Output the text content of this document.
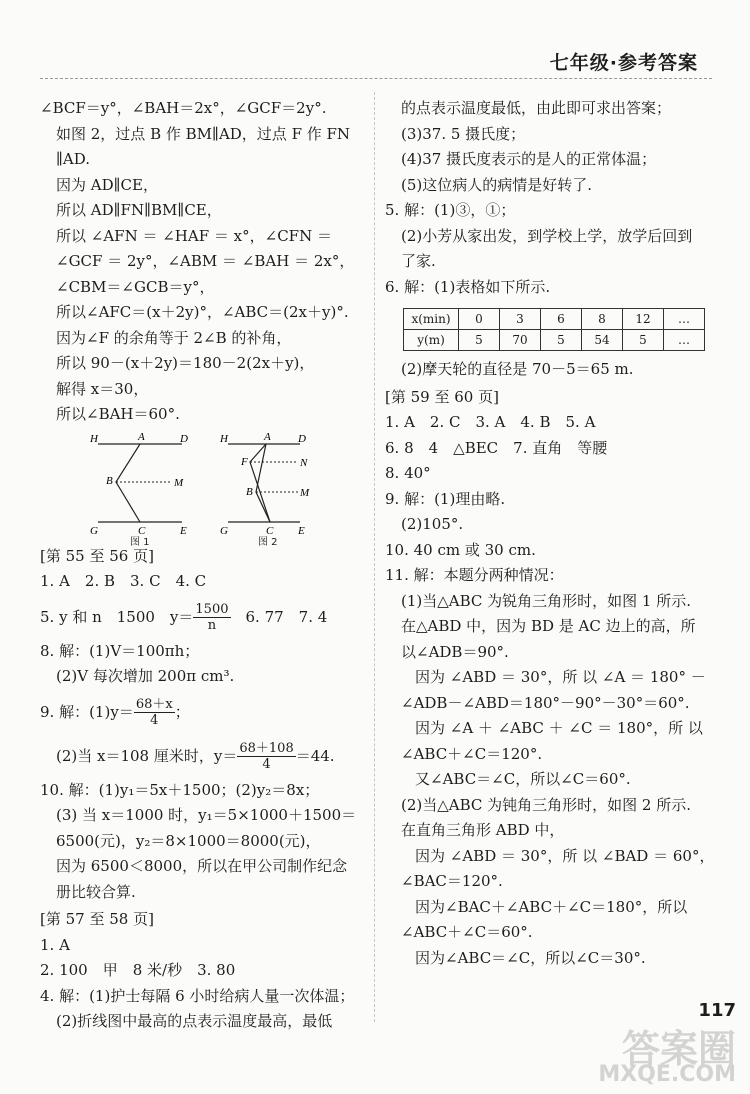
七年级·参考答案
∠BCF＝y°，∠BAH＝2x°，∠GCF＝2y°.
如图 2，过点 B 作 BM∥AD，过点 F 作 FN
∥AD.
因为 AD∥CE，
所以 AD∥FN∥BM∥CE，
所以 ∠AFN ＝ ∠HAF ＝ x°，∠CFN ＝
∠GCF ＝ 2y°，∠ABM ＝ ∠BAH ＝ 2x°，
∠CBM＝∠GCB＝y°，
所以∠AFC＝(x＋2y)°，∠ABC＝(2x＋y)°.
因为∠F 的余角等于 2∠B 的补角，
所以 90－(x＋2y)＝180－2(2x＋y)，
解得 x＝30，
所以∠BAH＝60°.
H	A	D
B	M
G	C	E
H	A D
F	N
B	M
G	C E
图 1	图 2
[第 55 至 56 页]
1. A　2. B　3. C　4. C
5. y 和 n　1500　$y= \frac{1500}{n}$ 　6. 77　7. 4
8. 解：(1)V＝100πh；
(2)V 每次增加 200π cm³.
9. 解：$(1)y= \frac{68+x}{4}$ ；
(2)当 x＝108 厘米时，$y= \frac{68+108}{4} =44$.
10. 解：(1)y₁＝5x＋1500；(2)y₂＝8x；
(3) 当 x＝1000 时，y₁＝5×1000＋1500＝
6500(元)，y₂＝8×1000＝8000(元)，
因为 6500＜8000，所以在甲公司制作纪念
册比较合算.
[第 57 至 58 页]
1. A
2. 100　甲　8 米/秒　3. 80
4. 解：(1)护士每隔 6 小时给病人量一次体温；
(2)折线图中最高的点表示温度最高，最低
的点表示温度最低，由此即可求出答案；
(3)37. 5 摄氏度；
(4)37 摄氏度表示的是人的正常体温；
(5)这位病人的病情是好转了.
5. 解：(1)③，①；
(2)小芳从家出发，到学校上学，放学后回到
了家.
6. 解：(1)表格如下所示.
x(min)	0	3	6	8	12	…
y(m)	5	70	5	54	5	…
(2)摩天轮的直径是 70－5＝65 m.
[第 59 至 60 页]
1. A　2. C　3. A　4. B　5. A
6. 8　4　△BEC　7. 直角　等腰
8. 40°
9. 解：(1)理由略.
(2)105°.
10. 40 cm 或 30 cm.
11. 解：本题分两种情况：
(1)当△ABC 为锐角三角形时，如图 1 所示.
在△ABD 中，因为 BD 是 AC 边上的高，所
以∠ADB＝90°.
因为 ∠ABD ＝ 30°，所 以 ∠A ＝ 180° －
∠ADB－∠ABD＝180°－90°－30°＝60°.
因为 ∠A ＋ ∠ABC ＋ ∠C ＝ 180°，所 以
∠ABC＋∠C＝120°.
又∠ABC＝∠C，所以∠C＝60°.
(2)当△ABC 为钝角三角形时，如图 2 所示.
在直角三角形 ABD 中，
因为 ∠ABD ＝ 30°，所 以 ∠BAD ＝ 60°，
∠BAC＝120°.
因为∠BAC＋∠ABC＋∠C＝180°，所以
∠ABC＋∠C＝60°.
因为∠ABC＝∠C，所以∠C＝30°.
117
答案圈
MXQE.COM
